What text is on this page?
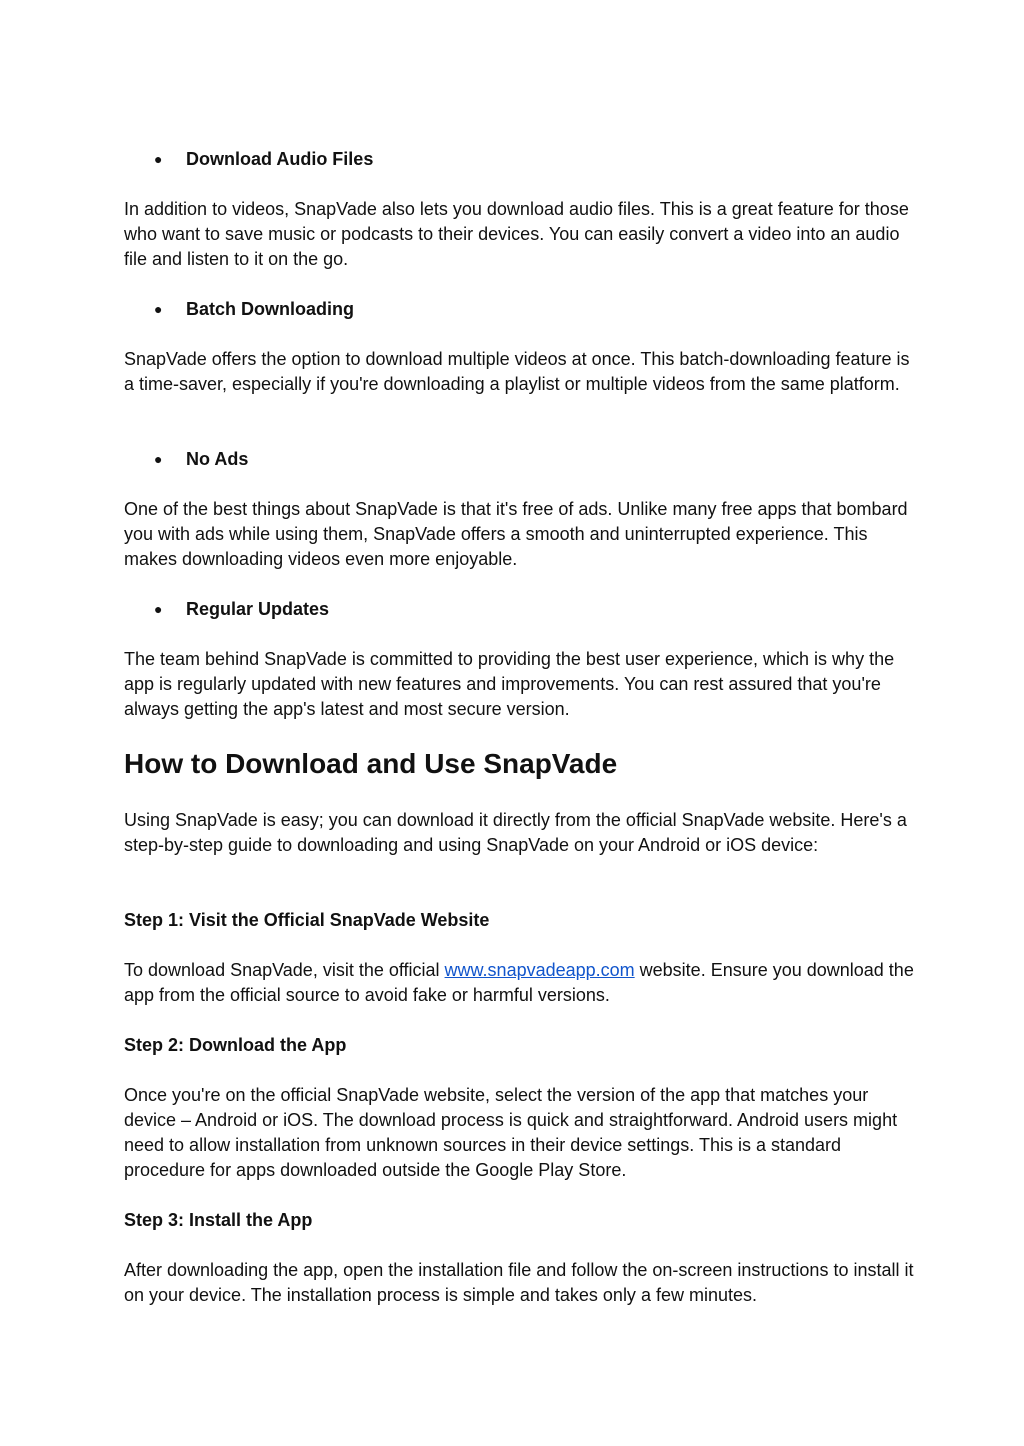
● Download Audio Files

In addition to videos, SnapVade also lets you download audio files. This is a great feature for those who want to save music or podcasts to their devices. You can easily convert a video into an audio file and listen to it on the go.

● Batch Downloading

SnapVade offers the option to download multiple videos at once. This batch-downloading feature is a time-saver, especially if you're downloading a playlist or multiple videos from the same platform.

● No Ads

One of the best things about SnapVade is that it's free of ads. Unlike many free apps that bombard you with ads while using them, SnapVade offers a smooth and uninterrupted experience. This makes downloading videos even more enjoyable.

● Regular Updates

The team behind SnapVade is committed to providing the best user experience, which is why the app is regularly updated with new features and improvements. You can rest assured that you're always getting the app's latest and most secure version.

How to Download and Use SnapVade

Using SnapVade is easy; you can download it directly from the official SnapVade website. Here's a step-by-step guide to downloading and using SnapVade on your Android or iOS device:

Step 1: Visit the Official SnapVade Website

To download SnapVade, visit the official www.snapvadeapp.com website. Ensure you download the app from the official source to avoid fake or harmful versions.

Step 2: Download the App

Once you're on the official SnapVade website, select the version of the app that matches your device – Android or iOS. The download process is quick and straightforward. Android users might need to allow installation from unknown sources in their device settings. This is a standard procedure for apps downloaded outside the Google Play Store.

Step 3: Install the App

After downloading the app, open the installation file and follow the on-screen instructions to install it on your device. The installation process is simple and takes only a few minutes.
